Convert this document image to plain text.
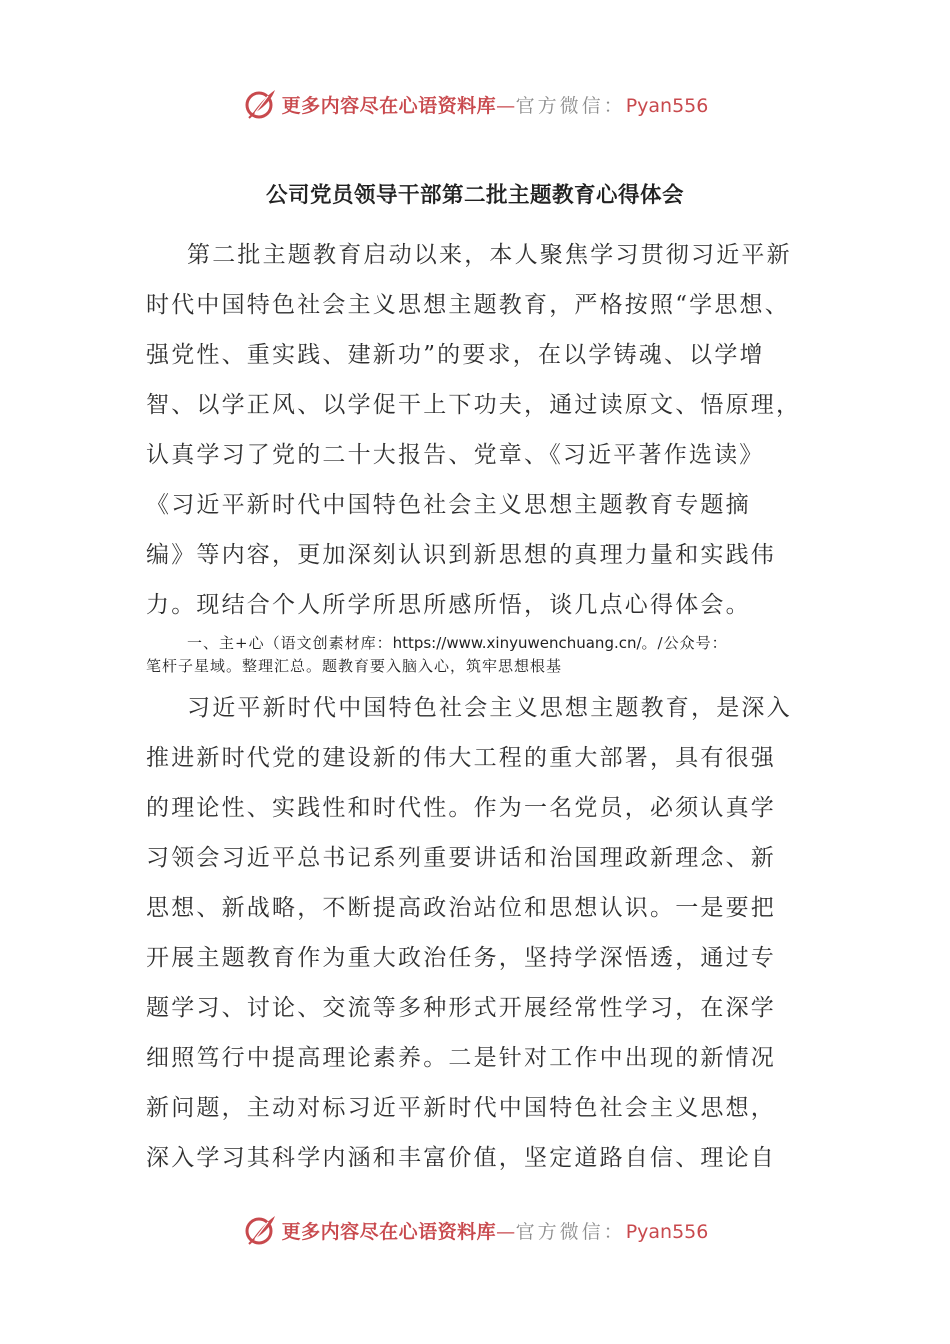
更多内容尽在心语资料库—官方微信：Pyan556
公司党员领导干部第二批主题教育心得体会
第二批主题教育启动以来，本人聚焦学习贯彻习近平新
时代中国特色社会主义思想主题教育，严格按照“学思想、
强党性、重实践、建新功”的要求，在以学铸魂、以学增
智、以学正风、以学促干上下功夫，通过读原文、悟原理，
认真学习了党的二十大报告、党章、《习近平著作选读》
《习近平新时代中国特色社会主义思想主题教育专题摘
编》等内容，更加深刻认识到新思想的真理力量和实践伟
力。现结合个人所学所思所感所悟，谈几点心得体会。
一、主+心（语文创素材库：https://www.xinyuwenchuang.cn/。/公众号：
笔杆子星域。整理汇总。题教育要入脑入心，筑牢思想根基
习近平新时代中国特色社会主义思想主题教育，是深入
推进新时代党的建设新的伟大工程的重大部署，具有很强
的理论性、实践性和时代性。作为一名党员，必须认真学
习领会习近平总书记系列重要讲话和治国理政新理念、新
思想、新战略，不断提高政治站位和思想认识。一是要把
开展主题教育作为重大政治任务，坚持学深悟透，通过专
题学习、讨论、交流等多种形式开展经常性学习，在深学
细照笃行中提高理论素养。二是针对工作中出现的新情况
新问题，主动对标习近平新时代中国特色社会主义思想，
深入学习其科学内涵和丰富价值，坚定道路自信、理论自
更多内容尽在心语资料库—官方微信：Pyan556
